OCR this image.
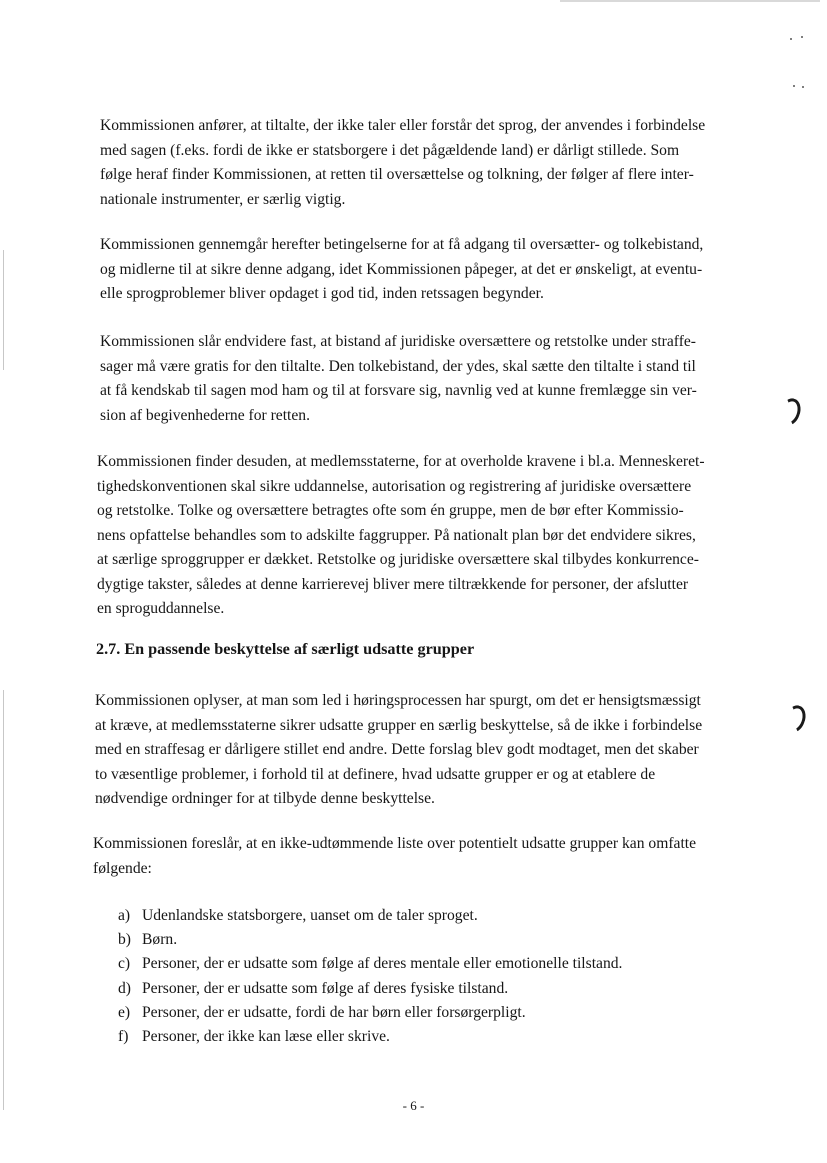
Kommissionen anfører, at tiltalte, der ikke taler eller forstår det sprog, der anvendes i forbindelse
med sagen (f.eks. fordi de ikke er statsborgere i det pågældende land) er dårligt stillede. Som
følge heraf finder Kommissionen, at retten til oversættelse og tolkning, der følger af flere inter-
nationale instrumenter, er særlig vigtig.

Kommissionen gennemgår herefter betingelserne for at få adgang til oversætter- og tolkebistand,
og midlerne til at sikre denne adgang, idet Kommissionen påpeger, at det er ønskeligt, at eventu-
elle sprogproblemer bliver opdaget i god tid, inden retssagen begynder.

Kommissionen slår endvidere fast, at bistand af juridiske oversættere og retstolke under straffe-
sager må være gratis for den tiltalte. Den tolkebistand, der ydes, skal sætte den tiltalte i stand til
at få kendskab til sagen mod ham og til at forsvare sig, navnlig ved at kunne fremlægge sin ver-
sion af begivenhederne for retten.

Kommissionen finder desuden, at medlemsstaterne, for at overholde kravene i bl.a. Menneskeret-
tighedskonventionen skal sikre uddannelse, autorisation og registrering af juridiske oversættere
og retstolke. Tolke og oversættere betragtes ofte som én gruppe, men de bør efter Kommissio-
nens opfattelse behandles som to adskilte faggrupper. På nationalt plan bør det endvidere sikres,
at særlige sproggrupper er dækket. Retstolke og juridiske oversættere skal tilbydes konkurrence-
dygtige takster, således at denne karrierevej bliver mere tiltrækkende for personer, der afslutter
en sproguddannelse.

2.7. En passende beskyttelse af særligt udsatte grupper

Kommissionen oplyser, at man som led i høringsprocessen har spurgt, om det er hensigtsmæssigt
at kræve, at medlemsstaterne sikrer udsatte grupper en særlig beskyttelse, så de ikke i forbindelse
med en straffesag er dårligere stillet end andre. Dette forslag blev godt modtaget, men det skaber
to væsentlige problemer, i forhold til at definere, hvad udsatte grupper er og at etablere de
nødvendige ordninger for at tilbyde denne beskyttelse.

Kommissionen foreslår, at en ikke-udtømmende liste over potentielt udsatte grupper kan omfatte
følgende:

a) Udenlandske statsborgere, uanset om de taler sproget.
b) Børn.
c) Personer, der er udsatte som følge af deres mentale eller emotionelle tilstand.
d) Personer, der er udsatte som følge af deres fysiske tilstand.
e) Personer, der er udsatte, fordi de har børn eller forsørgerpligt.
f) Personer, der ikke kan læse eller skrive.
- 6 -
